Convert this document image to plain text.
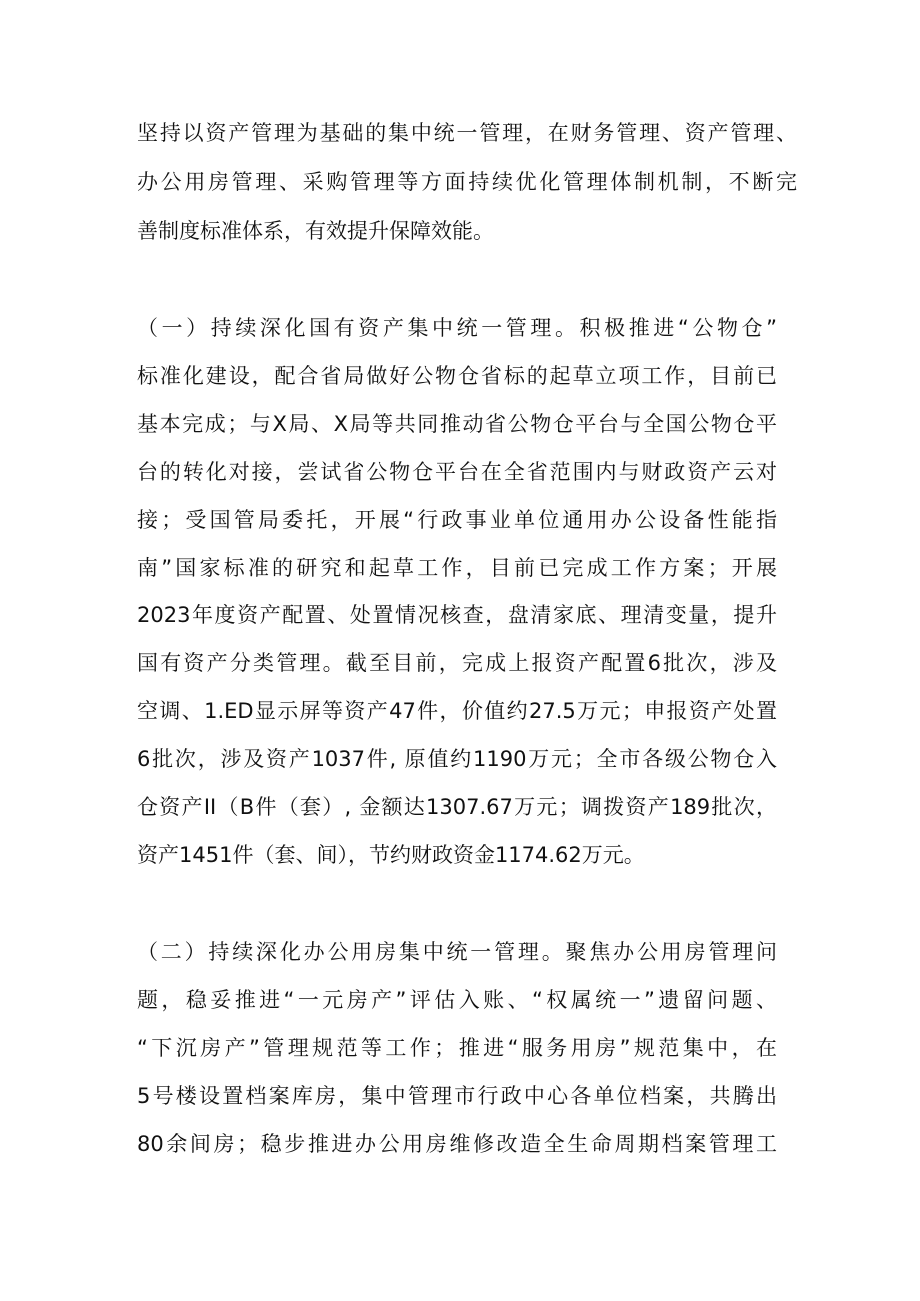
坚持以资产管理为基础的集中统一管理，在财务管理、资产管理、

办公用房管理、采购管理等方面持续优化管理体制机制，不断完

善制度标准体系，有效提升保障效能。

（一）持续深化国有资产集中统一管理。积极推进“公物仓”

标准化建设，配合省局做好公物仓省标的起草立项工作，目前已

基本完成；与X局、X局等共同推动省公物仓平台与全国公物仓平

台的转化对接，尝试省公物仓平台在全省范围内与财政资产云对

接；受国管局委托，开展“行政事业单位通用办公设备性能指

南”国家标准的研究和起草工作，目前已完成工作方案；开展

2023年度资产配置、处置情况核查，盘清家底、理清变量，提升

国有资产分类管理。截至目前，完成上报资产配置6批次，涉及

空调、1.ED显示屏等资产47件，价值约27.5万元；申报资产处置

6批次，涉及资产1037件, 原值约1190万元；全市各级公物仓入

仓资产II（B件（套）, 金额达1307.67万元；调拨资产189批次，

资产1451件（套、间），节约财政资金1174.62万元。

（二）持续深化办公用房集中统一管理。聚焦办公用房管理问

题，稳妥推进“一元房产”评估入账、“权属统一”遗留问题、

“下沉房产”管理规范等工作；推进“服务用房”规范集中，在

5号楼设置档案库房，集中管理市行政中心各单位档案，共腾出

80余间房；稳步推进办公用房维修改造全生命周期档案管理工
